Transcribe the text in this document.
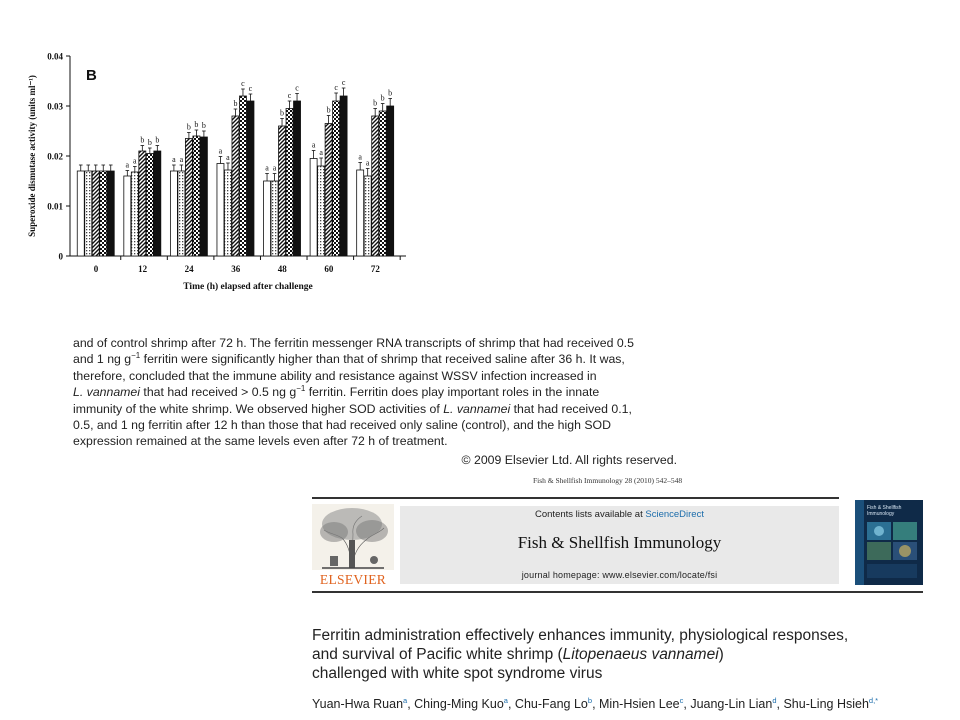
0
0.01
0.02
0.03
0.04
0	12
a a
b b b
24
a a
b b b
36
a
a
b
c
c
48
a a
b
c
c
60
a
a
b
c
c
72
a
a
b
b
b
B
Time (h) elapsed after challenge
Superoxide dismutase activity (units ml⁻¹)

and of control shrimp after 72 h. The ferritin messenger RNA transcripts of shrimp that had received 0.5
and 1 ng $g^{-1}$ ferritin were significantly higher than that of shrimp that received saline after 36 h. It was,
therefore, concluded that the immune ability and resistance against WSSV infection increased in
L. vannamei that had received > 0.5 ng $g^{-1}$ ferritin. Ferritin does play important roles in the innate
immunity of the white shrimp. We observed higher SOD activities of L. vannamei that had received 0.1,
0.5, and 1 ng ferritin after 12 h than those that had received only saline (control), and the high SOD
expression remained at the same levels even after 72 h of treatment.

© 2009 Elsevier Ltd. All rights reserved.

Fish & Shellfish Immunology 28 (2010) 542–548
ELSEVIER
Contents lists available at ScienceDirect
Fish & Shellfish Immunology
journal homepage: www.elsevier.com/locate/fsi
Fish & Shellfish Immunology
Ferritin administration effectively enhances immunity, physiological responses,
and survival of Pacific white shrimp (Litopenaeus vannamei)
challenged with white spot syndrome virus
Yuan-Hwa Ruan$^a$, Ching-Ming Kuo$^a$, Chu-Fang Lo$^b$, Min-Hsien Lee$^c$, Juang-Lin Lian$^d$, Shu-Ling Hsieh$^{d,*}$
